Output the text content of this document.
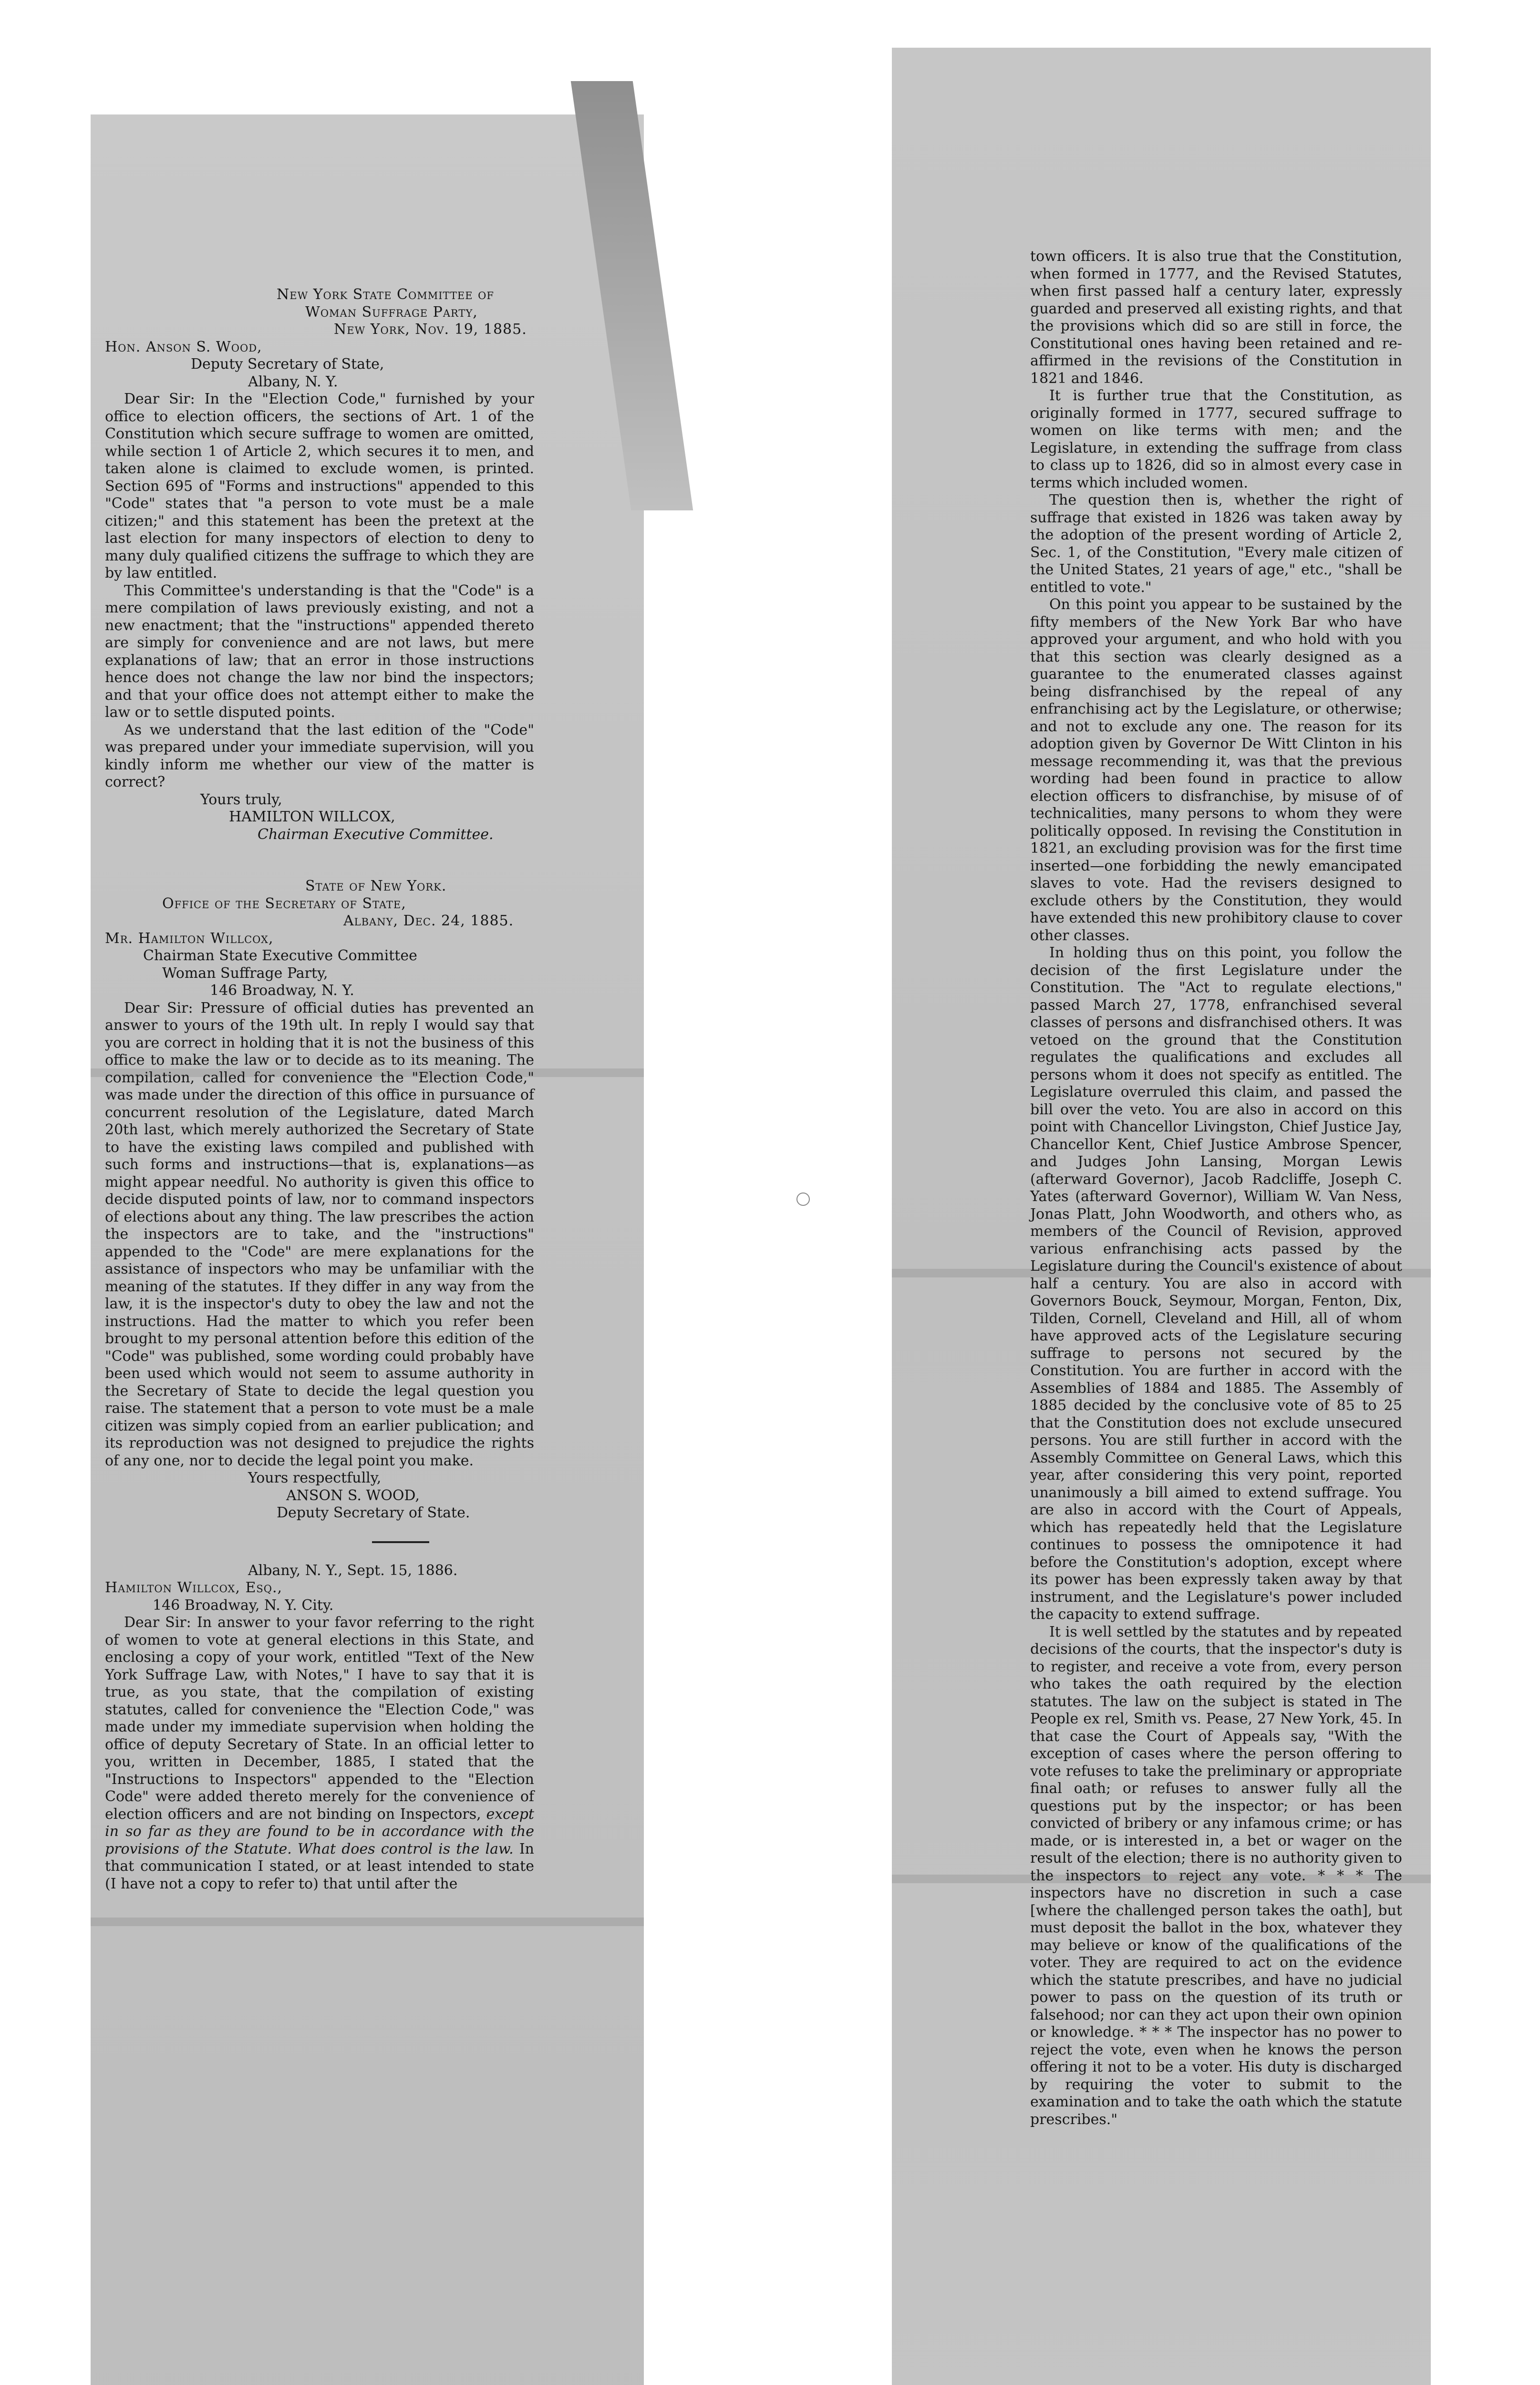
New York State Committee of

Woman Suffrage Party,

New York, Nov. 19, 1885.

Hon. Anson S. Wood,

Deputy Secretary of State,

Albany, N. Y.

Dear Sir: In the "Election Code," furnished by your office to election officers, the sections of Art. 1 of the Constitution which secure suffrage to women are omitted, while section 1 of Article 2, which secures it to men, and taken alone is claimed to exclude women, is printed. Section 695 of "Forms and instructions" appended to this "Code" states that "a person to vote must be a male citizen;" and this statement has been the pretext at the last election for many inspectors of election to deny to many duly qualified citizens the suffrage to which they are by law entitled.

This Committee's understanding is that the "Code" is a mere compilation of laws previously existing, and not a new enactment; that the "instructions" appended thereto are simply for convenience and are not laws, but mere explanations of law; that an error in those instructions hence does not change the law nor bind the inspectors; and that your office does not attempt either to make the law or to settle disputed points.

As we understand that the last edition of the "Code" was prepared under your immediate supervision, will you kindly inform me whether our view of the matter is correct?

Yours truly,

HAMILTON WILLCOX,

Chairman Executive Committee.

State of New York.

Office of the Secretary of State,

Albany, Dec. 24, 1885.

Mr. Hamilton Willcox,

Chairman State Executive Committee

Woman Suffrage Party,

146 Broadway, N. Y.

Dear Sir: Pressure of official duties has prevented an answer to yours of the 19th ult. In reply I would say that you are correct in holding that it is not the business of this office to make the law or to decide as to its meaning. The compilation, called for convenience the "Election Code," was made under the direction of this office in pursuance of concurrent resolution of the Legislature, dated March 20th last, which merely authorized the Secretary of State to have the existing laws compiled and published with such forms and instructions—that is, explanations—as might appear needful. No authority is given this office to decide disputed points of law, nor to command inspectors of elections about any thing. The law prescribes the action the inspectors are to take, and the "instructions" appended to the "Code" are mere explanations for the assistance of inspectors who may be unfamiliar with the meaning of the statutes. If they differ in any way from the law, it is the inspector's duty to obey the law and not the instructions. Had the matter to which you refer been brought to my personal attention before this edition of the "Code" was published, some wording could probably have been used which would not seem to assume authority in the Secretary of State to decide the legal question you raise. The statement that a person to vote must be a male citizen was simply copied from an earlier publication; and its reproduction was not designed to prejudice the rights of any one, nor to decide the legal point you make.

Yours respectfully,

ANSON S. WOOD,

Deputy Secretary of State.

Albany, N. Y., Sept. 15, 1886.

Hamilton Willcox, Esq.,

146 Broadway, N. Y. City.

Dear Sir: In answer to your favor referring to the right of women to vote at general elections in this State, and enclosing a copy of your work, entitled "Text of the New York Suffrage Law, with Notes," I have to say that it is true, as you state, that the compilation of existing statutes, called for convenience the "Election Code," was made under my immediate supervision when holding the office of deputy Secretary of State. In an official letter to you, written in December, 1885, I stated that the "Instructions to Inspectors" appended to the "Election Code" were added thereto merely for the convenience of election officers and are not binding on Inspectors, except in so far as they are found to be in accordance with the provisions of the Statute. What does control is the law. In that communication I stated, or at least intended to state (I have not a copy to refer to) that until after the

town officers. It is also true that the Constitution, when formed in 1777, and the Revised Statutes, when first passed half a century later, expressly guarded and preserved all existing rights, and that the provisions which did so are still in force, the Constitutional ones having been retained and re-affirmed in the revisions of the Constitution in 1821 and 1846.

It is further true that the Constitution, as originally formed in 1777, secured suffrage to women on like terms with men; and the Legislature, in extending the suffrage from class to class up to 1826, did so in almost every case in terms which included women.

The question then is, whether the right of suffrage that existed in 1826 was taken away by the adoption of the present wording of Article 2, Sec. 1, of the Constitution, "Every male citizen of the United States, 21 years of age," etc., "shall be entitled to vote."

On this point you appear to be sustained by the fifty members of the New York Bar who have approved your argument, and who hold with you that this section was clearly designed as a guarantee to the enumerated classes against being disfranchised by the repeal of any enfranchising act by the Legislature, or otherwise; and not to exclude any one. The reason for its adoption given by Governor De Witt Clinton in his message recommending it, was that the previous wording had been found in practice to allow election officers to disfranchise, by misuse of of technicalities, many persons to whom they were politically opposed. In revising the Constitution in 1821, an excluding provision was for the first time inserted—one forbidding the newly emancipated slaves to vote. Had the revisers designed to exclude others by the Constitution, they would have extended this new prohibitory clause to cover other classes.

In holding thus on this point, you follow the decision of the first Legislature under the Constitution. The "Act to regulate elections," passed March 27, 1778, enfranchised several classes of persons and disfranchised others. It was vetoed on the ground that the Constitution regulates the qualifications and excludes all persons whom it does not specify as entitled. The Legislature overruled this claim, and passed the bill over the veto. You are also in accord on this point with Chancellor Livingston, Chief Justice Jay, Chancellor Kent, Chief Justice Ambrose Spencer, and Judges John Lansing, Morgan Lewis (afterward Governor), Jacob Radcliffe, Joseph C. Yates (afterward Governor), William W. Van Ness, Jonas Platt, John Woodworth, and others who, as members of the Council of Revision, approved various enfranchising acts passed by the Legislature during the Council's existence of about half a century. You are also in accord with Governors Bouck, Seymour, Morgan, Fenton, Dix, Tilden, Cornell, Cleveland and Hill, all of whom have approved acts of the Legislature securing suffrage to persons not secured by the Constitution. You are further in accord with the Assemblies of 1884 and 1885. The Assembly of 1885 decided by the conclusive vote of 85 to 25 that the Constitution does not exclude unsecured persons. You are still further in accord with the Assembly Committee on General Laws, which this year, after considering this very point, reported unanimously a bill aimed to extend suffrage. You are also in accord with the Court of Appeals, which has repeatedly held that the Legislature continues to possess the omnipotence it had before the Constitution's adoption, except where its power has been expressly taken away by that instrument, and the Legislature's power included the capacity to extend suffrage.

It is well settled by the statutes and by repeated decisions of the courts, that the inspector's duty is to register, and receive a vote from, every person who takes the oath required by the election statutes. The law on the subject is stated in The People ex rel, Smith vs. Pease, 27 New York, 45. In that case the Court of Appeals say, "With the exception of cases where the person offering to vote refuses to take the preliminary or appropriate final oath; or refuses to answer fully all the questions put by the inspector; or has been convicted of bribery or any infamous crime; or has made, or is interested in, a bet or wager on the result of the election; there is no authority given to the inspectors to reject any vote. * * * The inspectors have no discretion in such a case [where the challenged person takes the oath], but must deposit the ballot in the box, whatever they may believe or know of the qualifications of the voter. They are required to act on the evidence which the statute prescribes, and have no judicial power to pass on the question of its truth or falsehood; nor can they act upon their own opinion or knowledge. * * * The inspector has no power to reject the vote, even when he knows the person offering it not to be a voter. His duty is discharged by requiring the voter to submit to the examination and to take the oath which the statute prescribes."
